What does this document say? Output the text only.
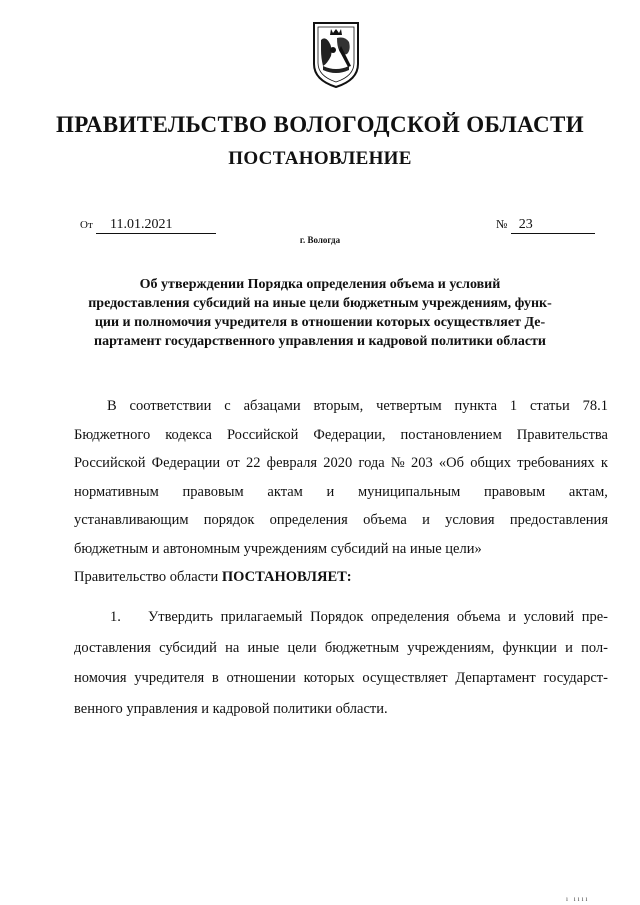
ПРАВИТЕЛЬСТВО ВОЛОГОДСКОЙ ОБЛАСТИ
ПОСТАНОВЛЕНИЕ
От 11.01.2021	№ 23
г. Вологда
Об утверждении Порядка определения объема и условий
предоставления субсидий на иные цели бюджетным учреждениям, функ-
ции и полномочия учредителя в отношении которых осуществляет Де-
партамент государственного управления и кадровой политики области
В соответствии с абзацами вторым, четвертым пункта 1 статьи 78.1
Бюджетного кодекса Российской Федерации, постановлением Правительства
Российской Федерации от 22 февраля 2020 года № 203 «Об общих требованиях к
нормативным правовым актам и муниципальным правовым актам,
устанавливающим порядок определения объема и условия предоставления
бюджетным и автономным учреждениям субсидий на иные цели»
Правительство области ПОСТАНОВЛЯЕТ:
1.	Утвердить прилагаемый Порядок определения объема и условий пре-
доставления субсидий на иные цели бюджетным учреждениям, функции и пол-
номочия учредителя в отношении которых осуществляет Департамент государст-
венного управления и кадровой политики области.
ı ıııı
